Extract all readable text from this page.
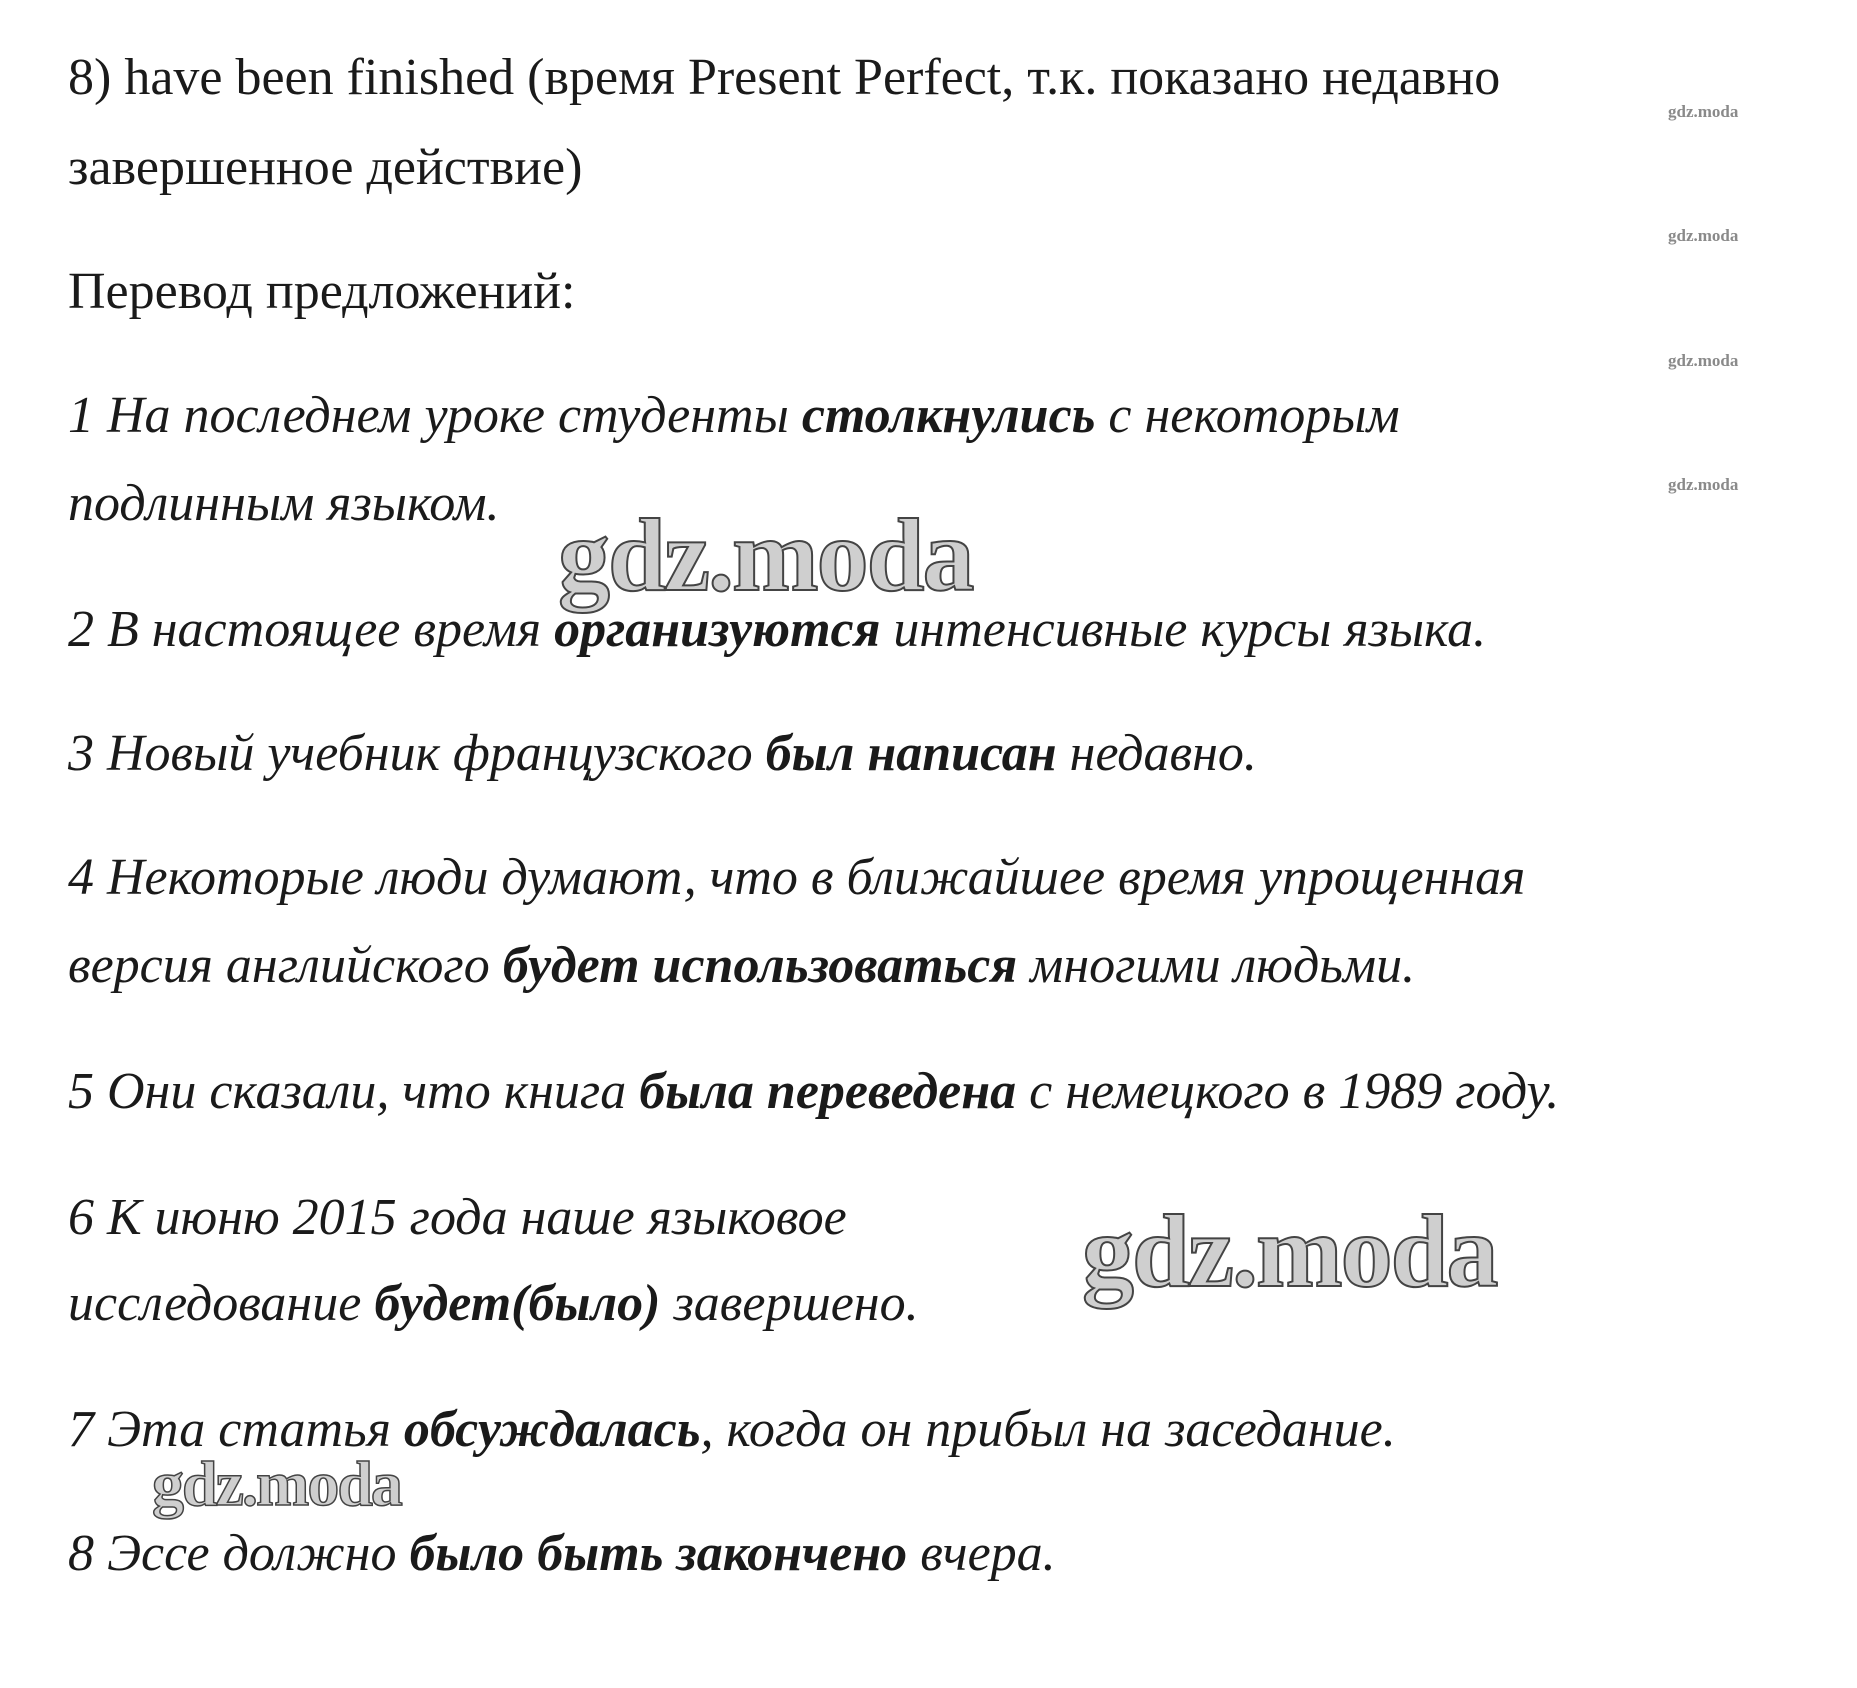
8) have been finished (время Present Perfect, т.к. показано недавно
завершенное действие)
Перевод предложений:
1 На последнем уроке студенты столкнулись с некоторым
подлинным языком.
2 В настоящее время организуются интенсивные курсы языка.
3 Новый учебник французского был написан недавно.
4 Некоторые люди думают, что в ближайшее время упрощенная
версия английского будет использоваться многими людьми.
5 Они сказали, что книга была переведена с немецкого в 1989 году.
6 К июню 2015 года наше языковое
исследование будет(было) завершено.
7 Эта статья обсуждалась, когда он прибыл на заседание.
8 Эссе должно было быть закончено вчера.
gdz.moda
gdz.moda
gdz.moda
gdz.moda
gdz.moda
gdz.moda
gdz.moda
